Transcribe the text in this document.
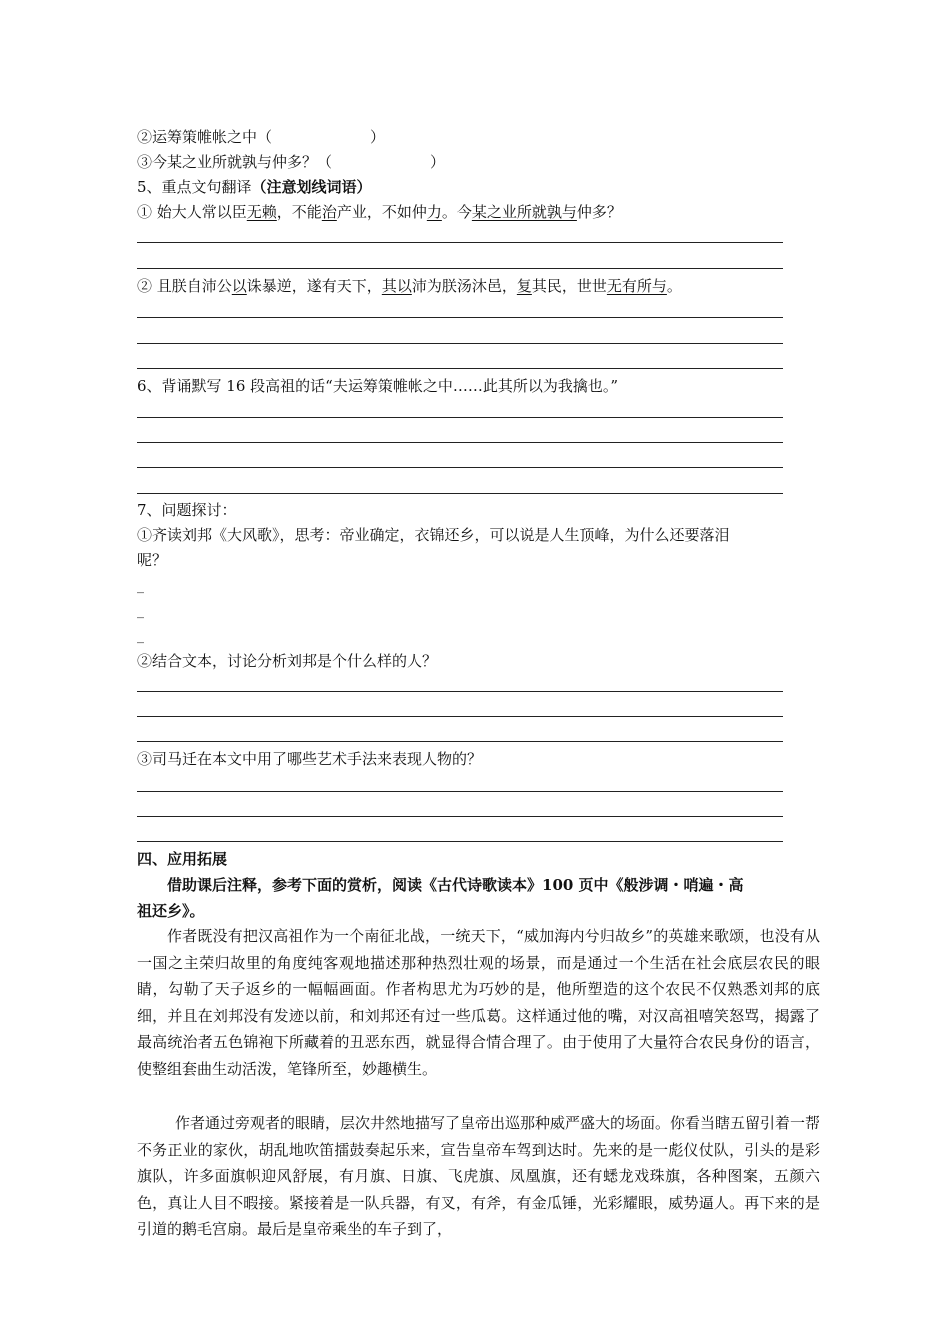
②运筹策帷帐之中（	）
③今某之业所就孰与仲多？（	）
5、重点文句翻译（注意划线词语）
① 始大人常以臣无赖，不能治产业，不如仲力。今某之业所就孰与仲多？
② 且朕自沛公以诛暴逆，遂有天下，其以沛为朕汤沐邑，复其民，世世无有所与。
6、背诵默写 16 段高祖的话“夫运筹策帷帐之中……此其所以为我擒也。”
7、问题探讨：
①齐读刘邦《大风歌》，思考：帝业确定，衣锦还乡，可以说是人生顶峰，为什么还要落泪
呢？
_
_
_
②结合文本，讨论分析刘邦是个什么样的人？
③司马迁在本文中用了哪些艺术手法来表现人物的？
四、应用拓展
借助课后注释，参考下面的赏析，阅读《古代诗歌读本》100 页中《般涉调・哨遍・高
祖还乡》。
作者既没有把汉高祖作为一个南征北战，一统天下，“威加海内兮归故乡”的英雄来歌颂，也没有从一国之主荣归故里的角度纯客观地描述那种热烈壮观的场景，而是通过一个生活在社会底层农民的眼睛，勾勒了天子返乡的一幅幅画面。作者构思尤为巧妙的是，他所塑造的这个农民不仅熟悉刘邦的底细，并且在刘邦没有发迹以前，和刘邦还有过一些瓜葛。这样通过他的嘴，对汉高祖嘻笑怒骂，揭露了最高统治者五色锦袍下所藏着的丑恶东西，就显得合情合理了。由于使用了大量符合农民身份的语言，使整组套曲生动活泼，笔锋所至，妙趣横生。
作者通过旁观者的眼睛，层次井然地描写了皇帝出巡那种威严盛大的场面。你看当瞎五留引着一帮不务正业的家伙，胡乱地吹笛擂鼓奏起乐来，宣告皇帝车驾到达时。先来的是一彪仪仗队，引头的是彩旗队，许多面旗帜迎风舒展，有月旗、日旗、飞虎旗、凤凰旗，还有蟋龙戏珠旗，各种图案，五颜六色，真让人目不暇接。紧接着是一队兵器，有叉，有斧，有金瓜锤，光彩耀眼，威势逼人。再下来的是引道的鹅毛宫扇。最后是皇帝乘坐的车子到了，
